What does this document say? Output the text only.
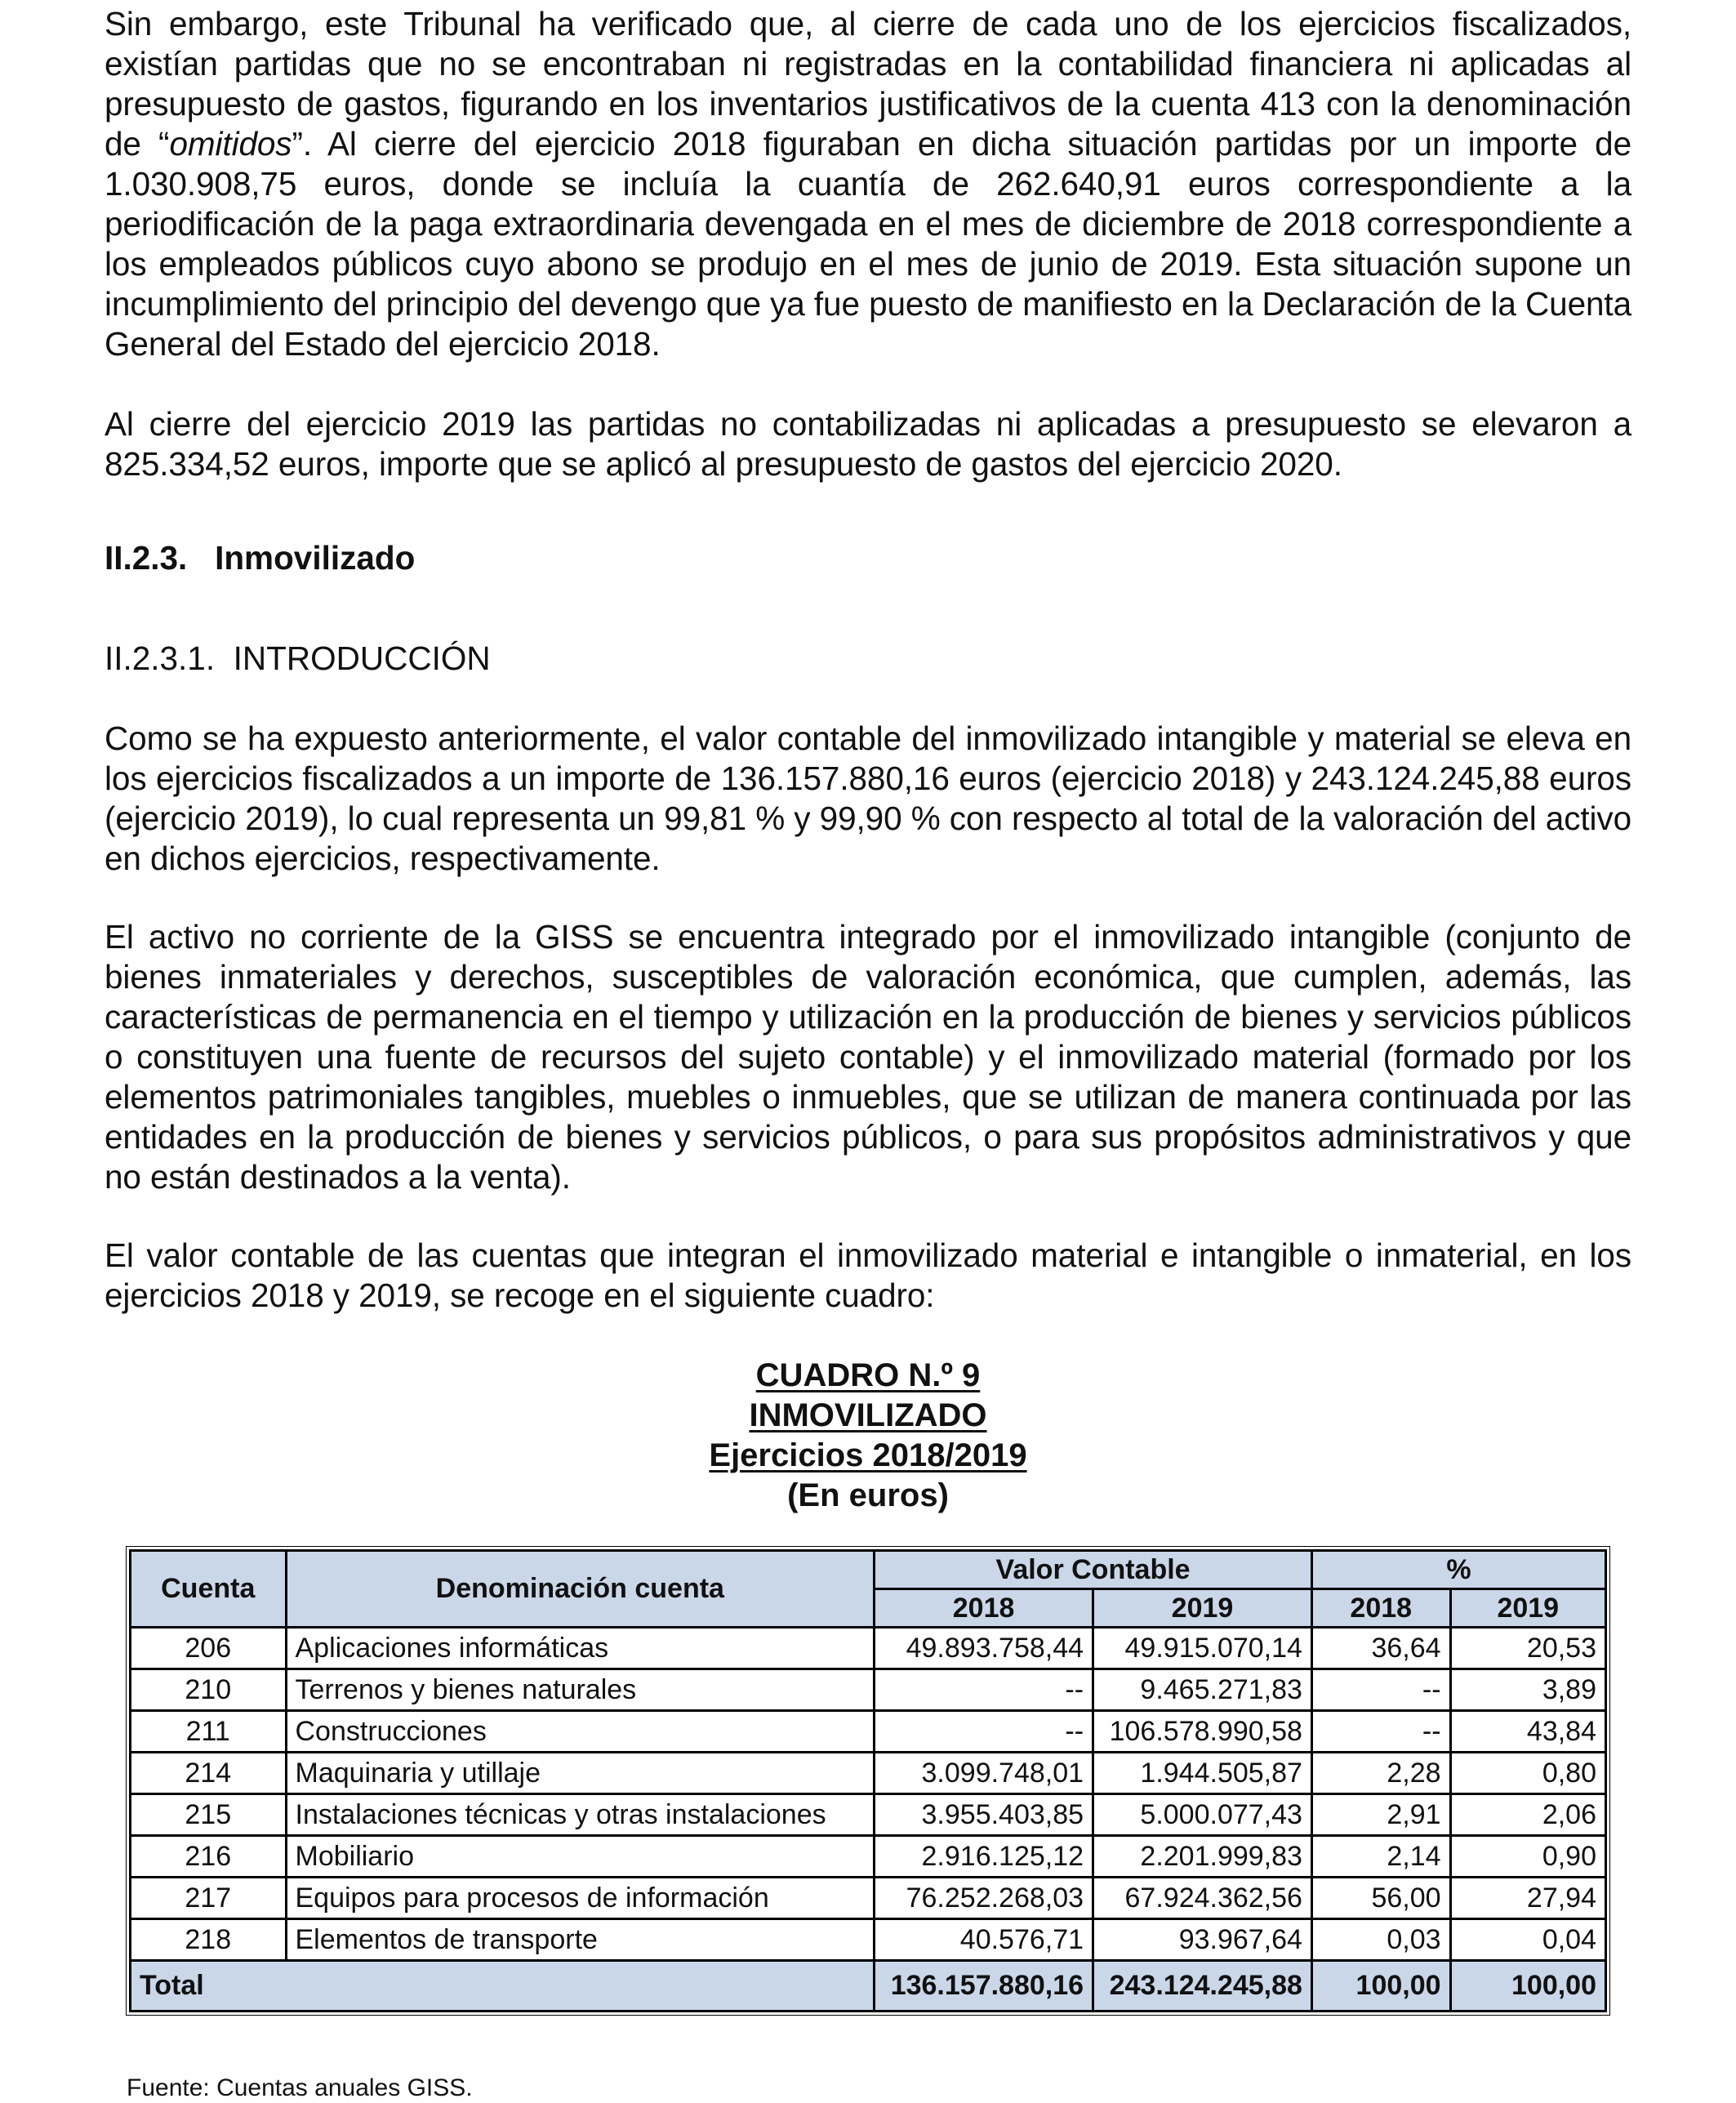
Sin embargo, este Tribunal ha verificado que, al cierre de cada uno de los ejercicios fiscalizados, existían partidas que no se encontraban ni registradas en la contabilidad financiera ni aplicadas al presupuesto de gastos, figurando en los inventarios justificativos de la cuenta 413 con la denominación de “omitidos”. Al cierre del ejercicio 2018 figuraban en dicha situación partidas por un importe de 1.030.908,75 euros, donde se incluía la cuantía de 262.640,91 euros correspondiente a la periodificación de la paga extraordinaria devengada en el mes de diciembre de 2018 correspondiente a los empleados públicos cuyo abono se produjo en el mes de junio de 2019. Esta situación supone un incumplimiento del principio del devengo que ya fue puesto de manifiesto en la Declaración de la Cuenta General del Estado del ejercicio 2018.

Al cierre del ejercicio 2019 las partidas no contabilizadas ni aplicadas a presupuesto se elevaron a 825.334,52 euros, importe que se aplicó al presupuesto de gastos del ejercicio 2020.

II.2.3.   Inmovilizado

II.2.3.1.  INTRODUCCIÓN

Como se ha expuesto anteriormente, el valor contable del inmovilizado intangible y material se eleva en los ejercicios fiscalizados a un importe de 136.157.880,16 euros (ejercicio 2018) y 243.124.245,88 euros (ejercicio 2019), lo cual representa un 99,81 % y 99,90 % con respecto al total de la valoración del activo en dichos ejercicios, respectivamente.

El activo no corriente de la GISS se encuentra integrado por el inmovilizado intangible (conjunto de bienes inmateriales y derechos, susceptibles de valoración económica, que cumplen, además, las características de permanencia en el tiempo y utilización en la producción de bienes y servicios públicos o constituyen una fuente de recursos del sujeto contable) y el inmovilizado material (formado por los elementos patrimoniales tangibles, muebles o inmuebles, que se utilizan de manera continuada por las entidades en la producción de bienes y servicios públicos, o para sus propósitos administrativos y que no están destinados a la venta).

El valor contable de las cuentas que integran el inmovilizado material e intangible o inmaterial, en los ejercicios 2018 y 2019, se recoge en el siguiente cuadro:

CUADRO N.º 9
INMOVILIZADO
Ejercicios 2018/2019
(En euros)
Cuenta	Denominación cuenta	Valor Contable		%	
		2018	2019	2018	2019
206	Aplicaciones informáticas	49.893.758,44	49.915.070,14	36,64	20,53
210	Terrenos y bienes naturales	--	9.465.271,83	--	3,89
211	Construcciones	--	106.578.990,58	--	43,84
214	Maquinaria y utillaje	3.099.748,01	1.944.505,87	2,28	0,80
215	Instalaciones técnicas y otras instalaciones	3.955.403,85	5.000.077,43	2,91	2,06
216	Mobiliario	2.916.125,12	2.201.999,83	2,14	0,90
217	Equipos para procesos de información	76.252.268,03	67.924.362,56	56,00	27,94
218	Elementos de transporte	40.576,71	93.967,64	0,03	0,04
Total		136.157.880,16	243.124.245,88	100,00	100,00
Fuente: Cuentas anuales GISS.
